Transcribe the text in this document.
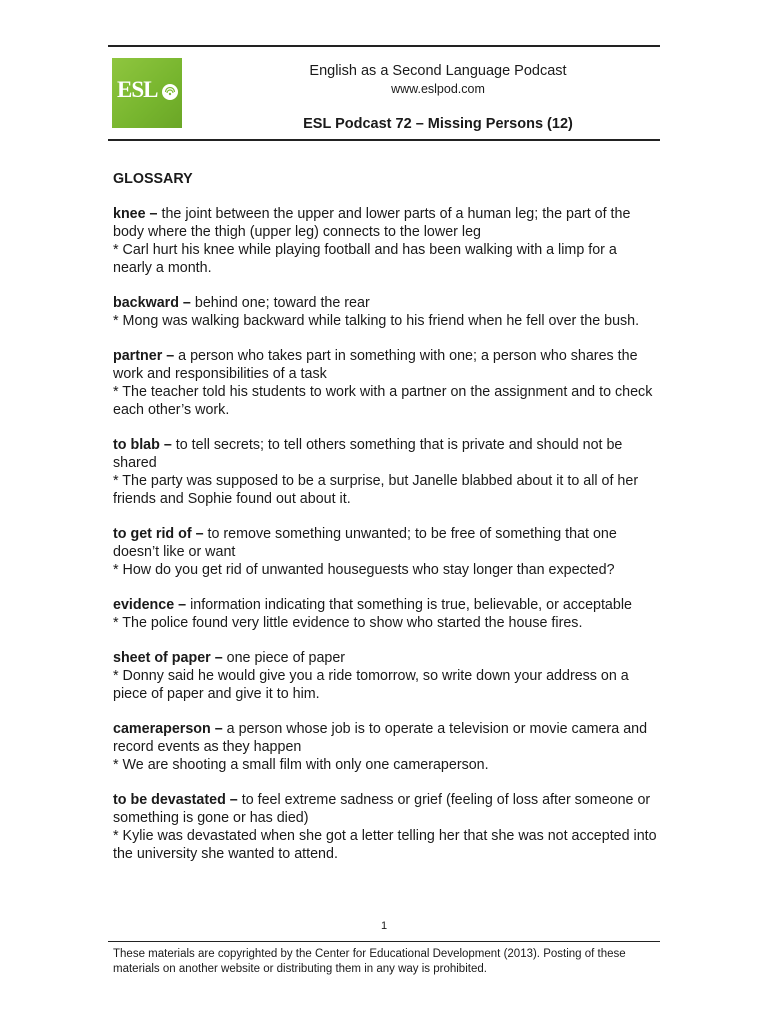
ESL
English as a Second Language Podcast
www.eslpod.com
ESL Podcast 72 – Missing Persons (12)
GLOSSARY

knee – the joint between the upper and lower parts of a human leg; the part of the body where the thigh (upper leg) connects to the lower leg

* Carl hurt his knee while playing football and has been walking with a limp for a nearly a month.

backward – behind one; toward the rear

* Mong was walking backward while talking to his friend when he fell over the bush.

partner – a person who takes part in something with one; a person who shares the work and responsibilities of a task

* The teacher told his students to work with a partner on the assignment and to check each other’s work.

to blab – to tell secrets; to tell others something that is private and should not be shared

* The party was supposed to be a surprise, but Janelle blabbed about it to all of her friends and Sophie found out about it.

to get rid of – to remove something unwanted; to be free of something that one doesn’t like or want

* How do you get rid of unwanted houseguests who stay longer than expected?

evidence – information indicating that something is true, believable, or acceptable

* The police found very little evidence to show who started the house fires.

sheet of paper – one piece of paper

* Donny said he would give you a ride tomorrow, so write down your address on a piece of paper and give it to him.

cameraperson – a person whose job is to operate a television or movie camera and record events as they happen

* We are shooting a small film with only one cameraperson.

to be devastated – to feel extreme sadness or grief (feeling of loss after someone or something is gone or has died)

* Kylie was devastated when she got a letter telling her that she was not accepted into the university she wanted to attend.

1
These materials are copyrighted by the Center for Educational Development (2013). Posting of these materials on another website or distributing them in any way is prohibited.
